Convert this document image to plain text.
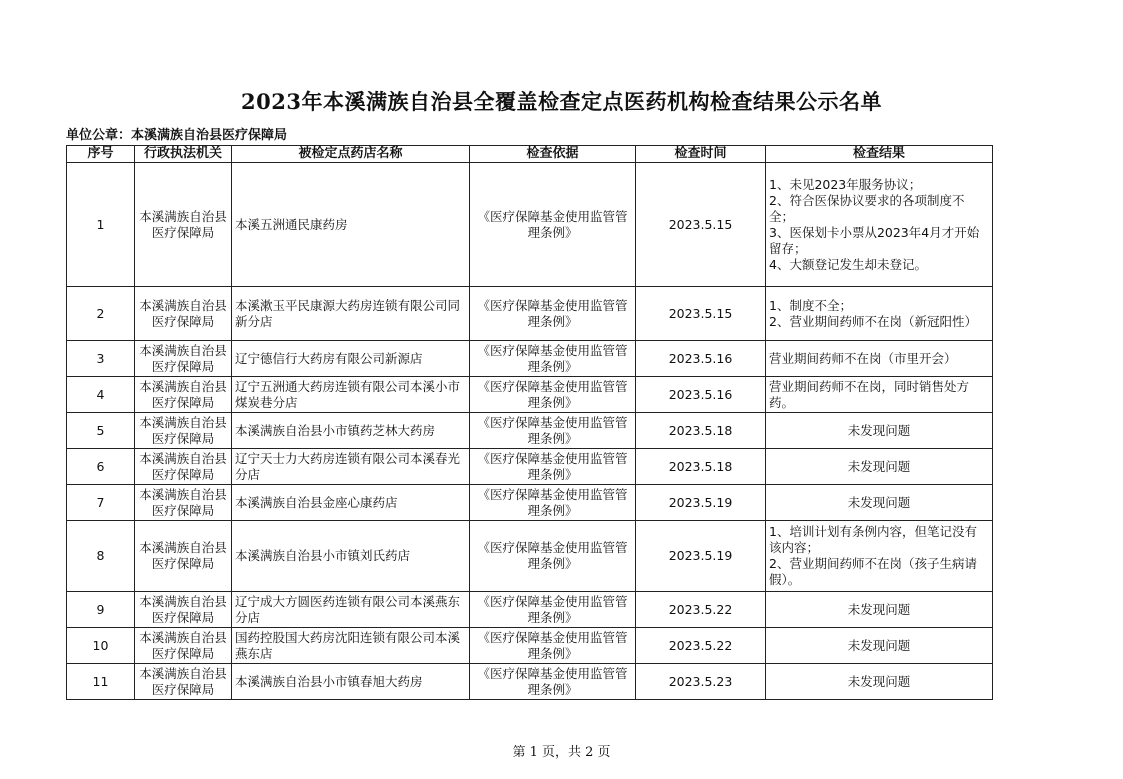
2023年本溪满族自治县全覆盖检查定点医药机构检查结果公示名单
单位公章：本溪满族自治县医疗保障局
序号	行政执法机关	被检定点药店名称	检查依据	检查时间	检查结果
1	本溪满族自治县医疗保障局	本溪五洲通民康药房	《医疗保障基金使用监管管理条例》	2023.5.15	1、未见2023年服务协议；
2、符合医保协议要求的各项制度不全；
3、医保划卡小票从2023年4月才开始留存；
4、大额登记发生却未登记。
2	本溪满族自治县医疗保障局	本溪漱玉平民康源大药房连锁有限公司同新分店	《医疗保障基金使用监管管理条例》	2023.5.15	1、制度不全；
2、营业期间药师不在岗（新冠阳性）
3	本溪满族自治县医疗保障局	辽宁德信行大药房有限公司新源店	《医疗保障基金使用监管管理条例》	2023.5.16	营业期间药师不在岗（市里开会）
4	本溪满族自治县医疗保障局	辽宁五洲通大药房连锁有限公司本溪小市煤炭巷分店	《医疗保障基金使用监管管理条例》	2023.5.16	营业期间药师不在岗，同时销售处方药。
5	本溪满族自治县医疗保障局	本溪满族自治县小市镇药芝林大药房	《医疗保障基金使用监管管理条例》	2023.5.18	未发现问题
6	本溪满族自治县医疗保障局	辽宁天士力大药房连锁有限公司本溪春光分店	《医疗保障基金使用监管管理条例》	2023.5.18	未发现问题
7	本溪满族自治县医疗保障局	本溪满族自治县金座心康药店	《医疗保障基金使用监管管理条例》	2023.5.19	未发现问题
8	本溪满族自治县医疗保障局	本溪满族自治县小市镇刘氏药店	《医疗保障基金使用监管管理条例》	2023.5.19	1、培训计划有条例内容，但笔记没有该内容；
2、营业期间药师不在岗（孩子生病请假）。
9	本溪满族自治县医疗保障局	辽宁成大方圆医药连锁有限公司本溪燕东分店	《医疗保障基金使用监管管理条例》	2023.5.22	未发现问题
10	本溪满族自治县医疗保障局	国药控股国大药房沈阳连锁有限公司本溪燕东店	《医疗保障基金使用监管管理条例》	2023.5.22	未发现问题
11	本溪满族自治县医疗保障局	本溪满族自治县小市镇春旭大药房	《医疗保障基金使用监管管理条例》	2023.5.23	未发现问题
第 1 页，共 2 页
